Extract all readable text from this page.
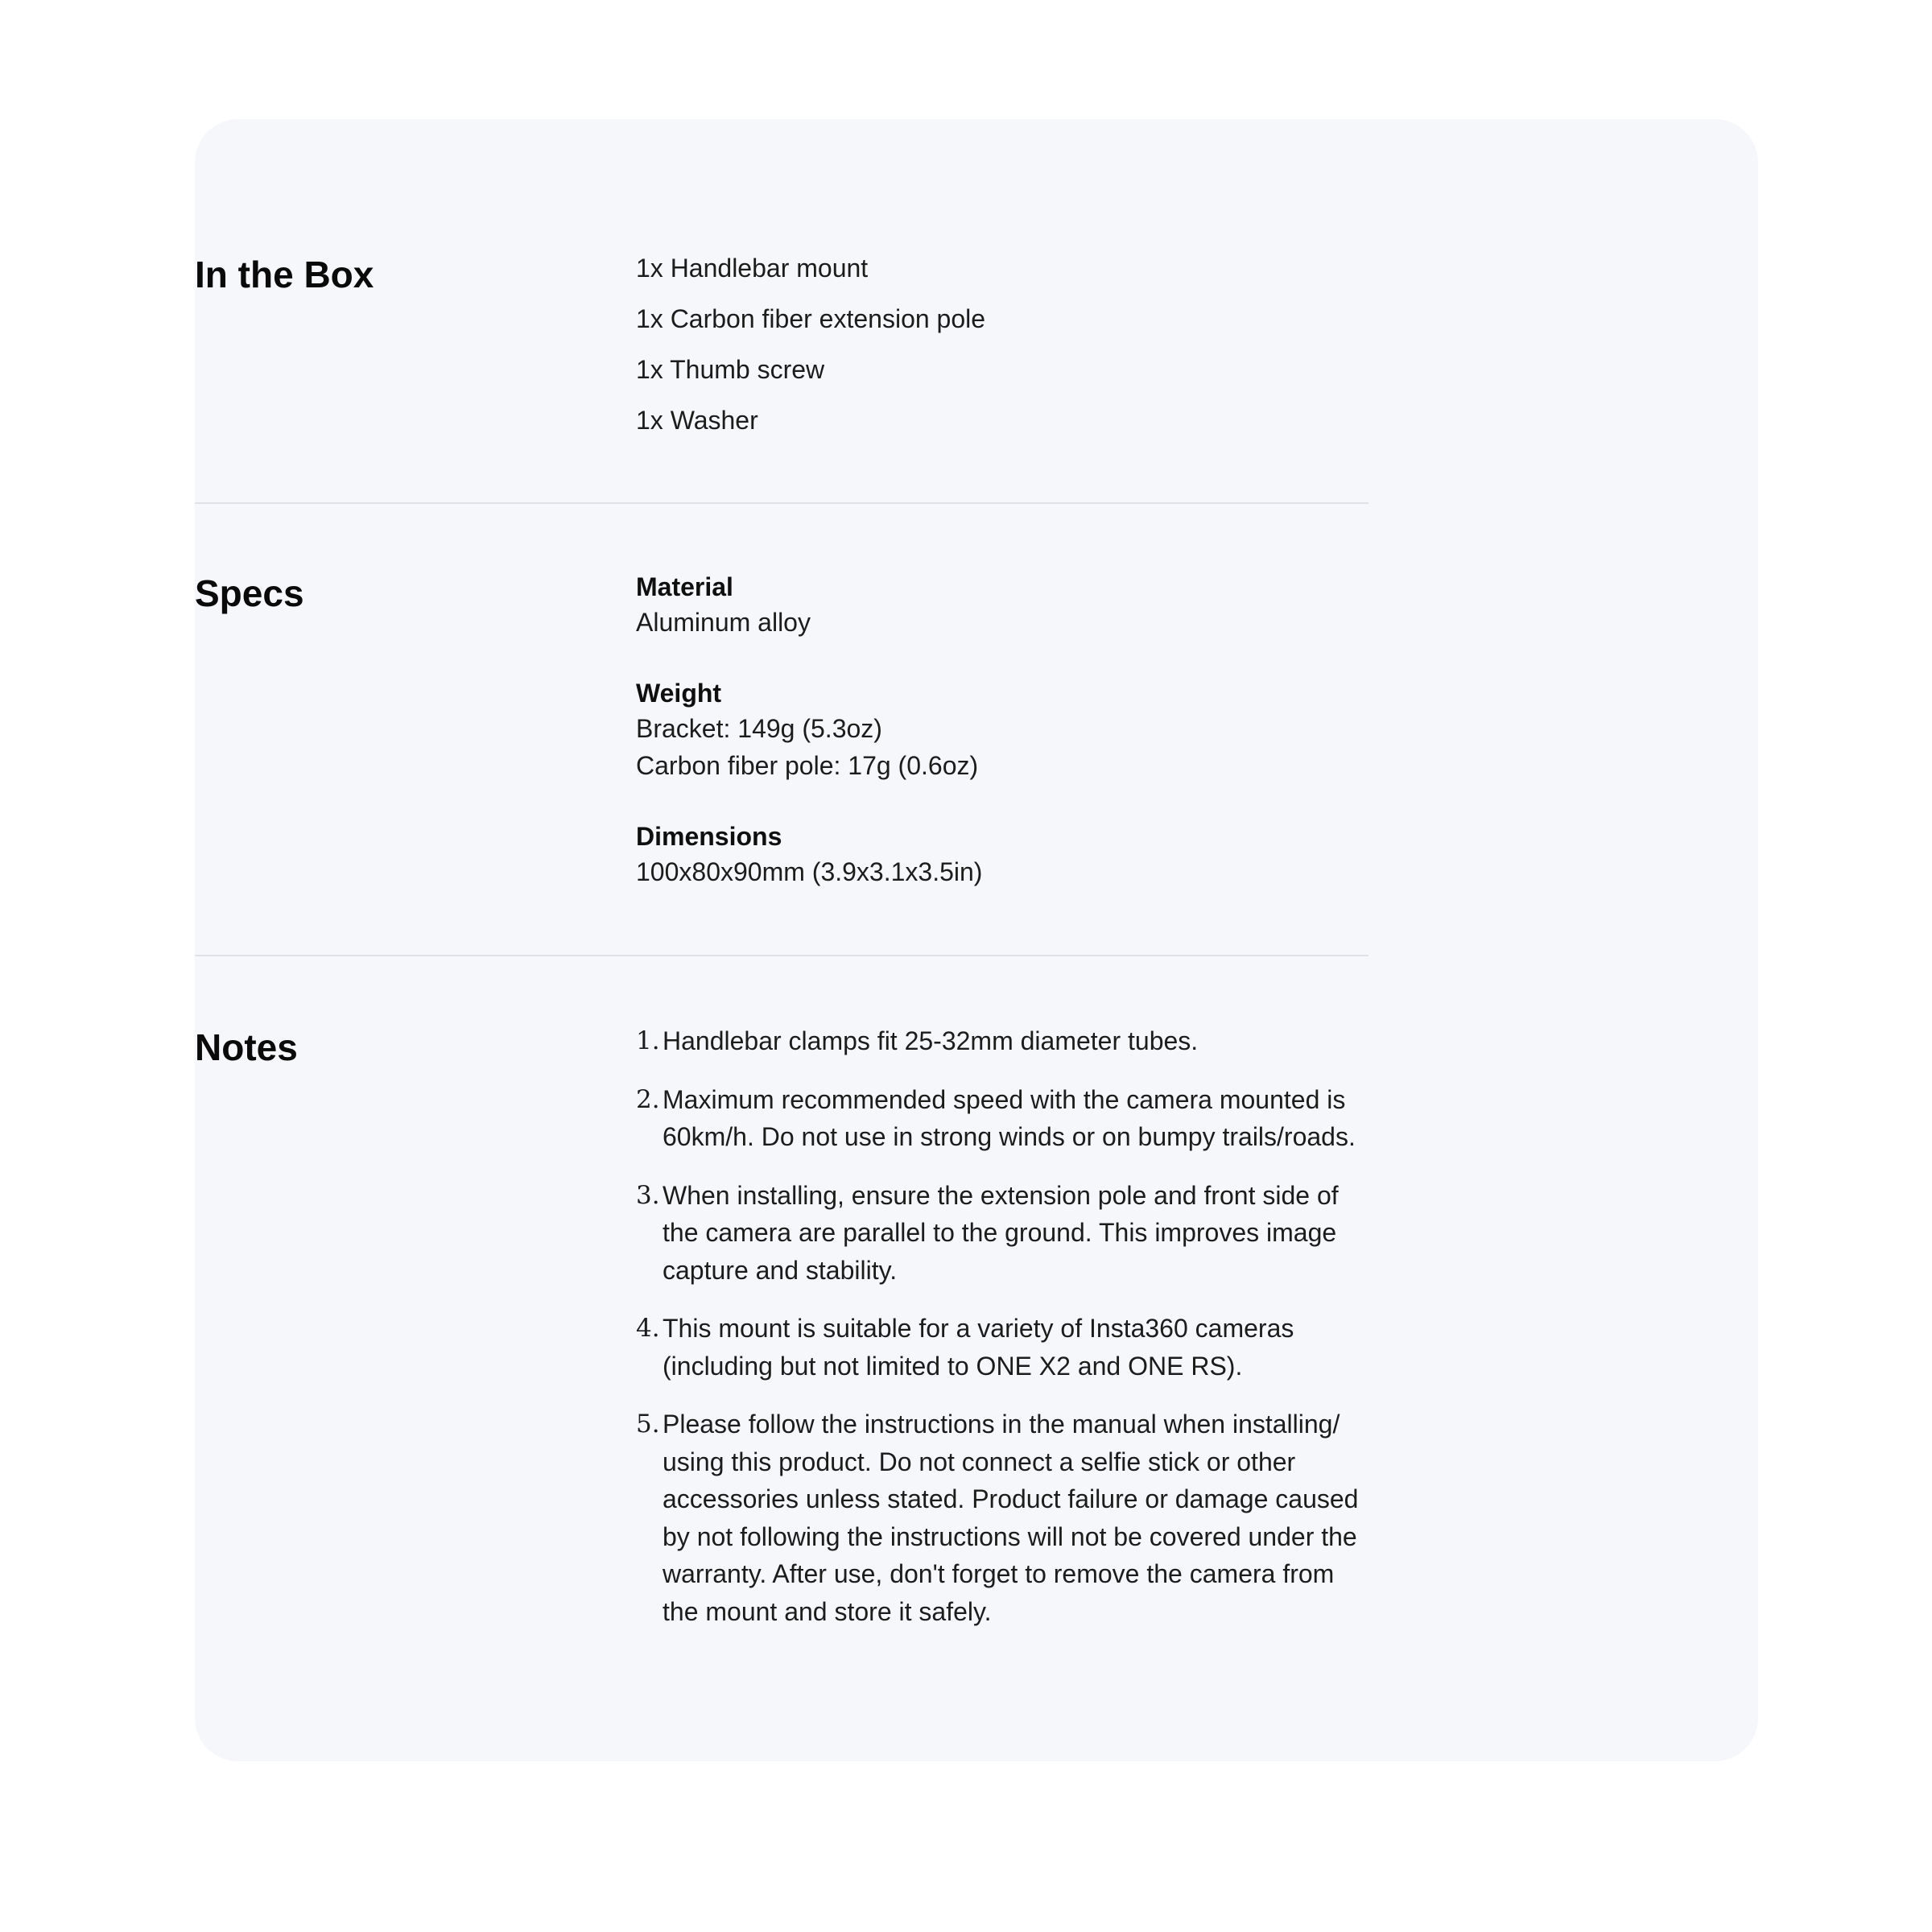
In the Box	1x Handlebar mount
1x Carbon fiber extension pole
1x Thumb screw
1x Washer
Specs	Material
Aluminum alloy
Weight
Bracket: 149g (5.3oz)
Carbon fiber pole: 17g (0.6oz)
Dimensions
100x80x90mm (3.9x3.1x3.5in)
Notes	1. Handlebar clamps fit 25-32mm diameter tubes.
2. Maximum recommended speed with the camera mounted is 60km/h. Do not use in strong winds or on bumpy trails/roads.
3. When installing, ensure the extension pole and front side of the camera are parallel to the ground. This improves image capture and stability.
4. This mount is suitable for a variety of Insta360 cameras (including but not limited to ONE X2 and ONE RS).
5. Please follow the instructions in the manual when installing/ using this product. Do not connect a selfie stick or other accessories unless stated. Product failure or damage caused by not following the instructions will not be covered under the warranty. After use, don't forget to remove the camera from the mount and store it safely.
